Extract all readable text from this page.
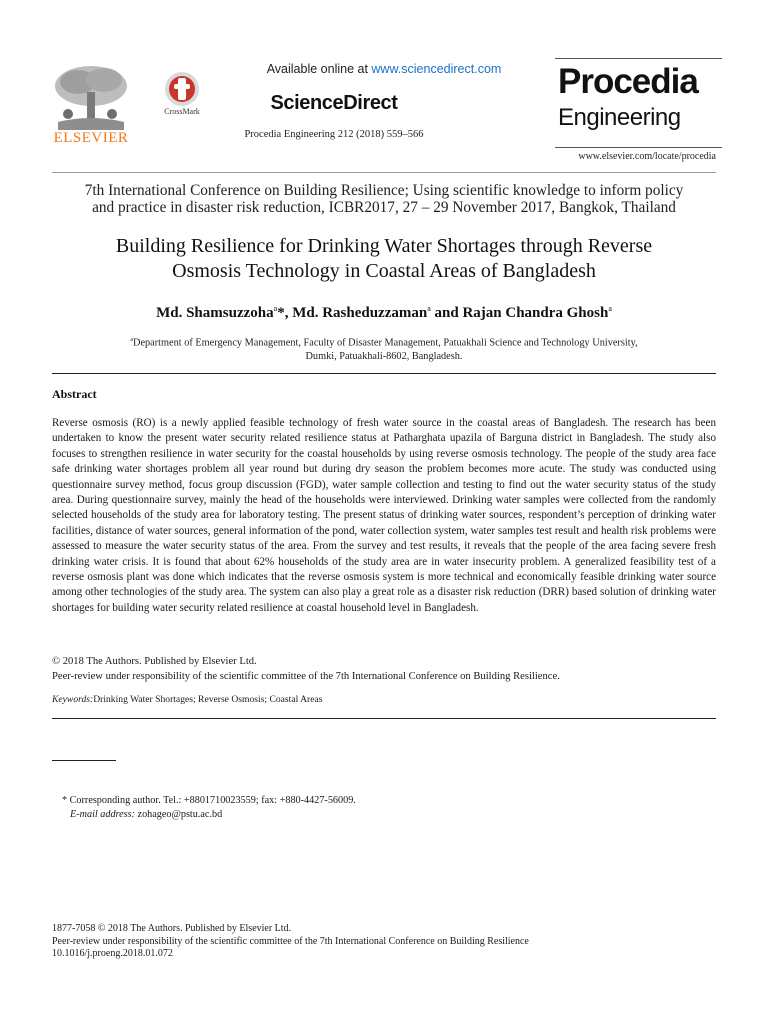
ELSEVIER
CrossMark
Available online at www.sciencedirect.com
ScienceDirect
Procedia Engineering 212 (2018) 559–566
Procedia
Engineering
www.elsevier.com/locate/procedia
7th International Conference on Building Resilience; Using scientific knowledge to inform policy
and practice in disaster risk reduction, ICBR2017, 27 – 29 November 2017, Bangkok, Thailand
Building Resilience for Drinking Water Shortages through Reverse
Osmosis Technology in Coastal Areas of Bangladesh
Md. Shamsuzzoha$^a$*, Md. Rasheduzzaman$^a$ and Rajan Chandra Ghosh$^a$
$^a$Department of Emergency Management, Faculty of Disaster Management, Patuakhali Science and Technology University,
Dumki, Patuakhali-8602, Bangladesh.
Abstract
Reverse osmosis (RO) is a newly applied feasible technology of fresh water source in the coastal areas of Bangladesh. The research has been undertaken to know the present water security related resilience status at Patharghata upazila of Barguna district in Bangladesh. The study also focuses to strengthen resilience in water security for the coastal households by using reverse osmosis technology. The people of the study area face safe drinking water shortages problem all year round but during dry season the problem becomes more acute. The study was conducted using questionnaire survey method, focus group discussion (FGD), water sample collection and testing to find out the water security status of the study area. During questionnaire survey, mainly the head of the households were interviewed. Drinking water samples were collected from the randomly selected households of the study area for laboratory testing. The present status of drinking water sources, respondent’s perception of drinking water facilities, distance of water sources, general information of the pond, water collection system, water samples test result and health risk problems were assessed to measure the water security status of the area. From the survey and test results, it reveals that the people of the area facing severe fresh drinking water crisis. It is found that about 62% households of the study area are in water insecurity problem. A generalized feasibility test of a reverse osmosis plant was done which indicates that the reverse osmosis system is more technical and economically feasible drinking water source among other technologies of the study area. The system can also play a great role as a disaster risk reduction (DRR) based solution of drinking water shortages for building water security related resilience at coastal household level in Bangladesh.
© 2018 The Authors. Published by Elsevier Ltd.
Peer-review under responsibility of the scientific committee of the 7th International Conference on Building Resilience.
Keywords:Drinking Water Shortages; Reverse Osmosis; Coastal Areas
* Corresponding author. Tel.: +8801710023559; fax: +880-4427-56009.
E-mail address: zohageo@pstu.ac.bd
1877-7058 © 2018 The Authors. Published by Elsevier Ltd.
Peer-review under responsibility of the scientific committee of the 7th International Conference on Building Resilience
10.1016/j.proeng.2018.01.072
